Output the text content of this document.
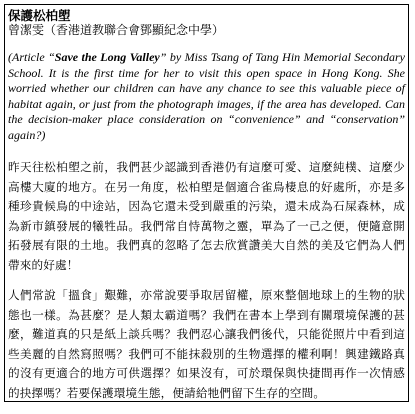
保護松柏塱

曾潔雯（香港道教聯合會鄧顯紀念中學）

(Article “Save the Long Valley” by Miss Tsang of Tang Hin Memorial Secondary School. It is the first time for her to visit this open space in Hong Kong. She worried whether our children can have any chance to see this valuable piece of habitat again, or just from the photograph images, if the area has developed. Can the decision-maker place consideration on “convenience” and “conservation” again?)

昨天往松柏塱之前，我們甚少認識到香港仍有這麼可愛、這麼純樸、這麼少高樓大廈的地方。在另一角度，松柏塱是個適合雀鳥棲息的好處所，亦是多種珍貴候鳥的中途站，因為它還未受到嚴重的污染，還未成為石屎森林，成為新市鎮發展的犧牲品。我們常自恃萬物之靈，單為了一己之便，便隨意開拓發展有限的土地。我們真的忽略了怎去欣賞讚美大自然的美及它們為人們帶來的好處！

人們常說「搵食」艱難，亦常說要爭取居留權，原來整個地球上的生物的狀態也一樣。為甚麼？是人類太霸道嗎？我們在書本上學到有關環境保護的甚麼，難道真的只是紙上談兵嗎？我們忍心讓我們後代，只能從照片中看到這些美麗的自然寫照嗎？我們可不能抹殺別的生物選擇的權利啊！興建鐵路真的沒有更適合的地方可供選擇？如果沒有，可於環保與快捷間再作一次情感的抉擇嗎？若要保護環境生態，便請給牠們留下生存的空間。
